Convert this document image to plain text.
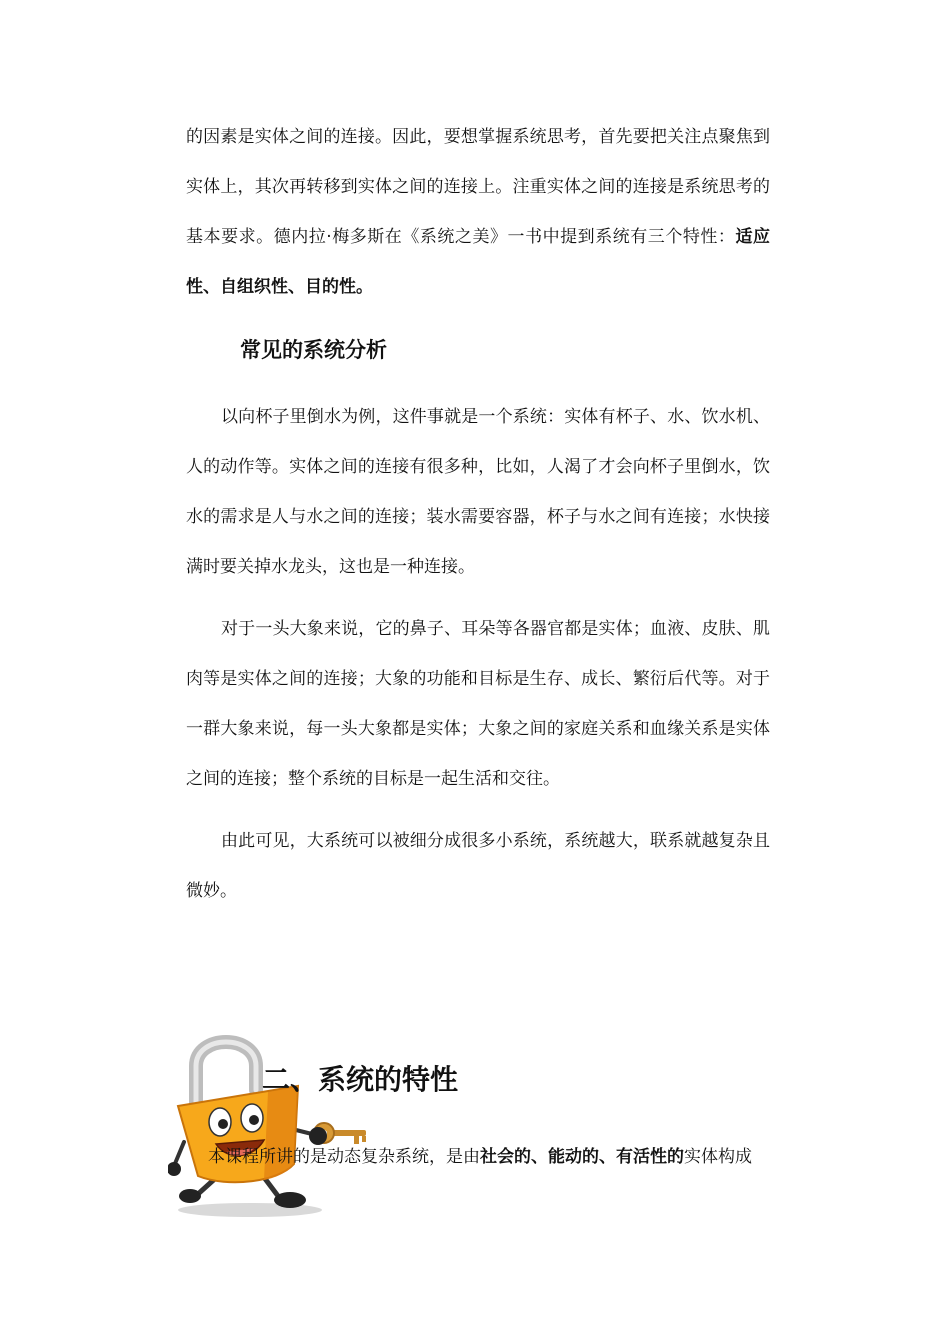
的因素是实体之间的连接。因此，要想掌握系统思考，首先要把关注点聚焦到实体上，其次再转移到实体之间的连接上。注重实体之间的连接是系统思考的基本要求。德内拉·梅多斯在《系统之美》一书中提到系统有三个特性：适应性、自组织性、目的性。

常见的系统分析

以向杯子里倒水为例，这件事就是一个系统：实体有杯子、水、饮水机、人的动作等。实体之间的连接有很多种，比如，人渴了才会向杯子里倒水，饮水的需求是人与水之间的连接；装水需要容器，杯子与水之间有连接；水快接满时要关掉水龙头，这也是一种连接。

对于一头大象来说，它的鼻子、耳朵等各器官都是实体；血液、皮肤、肌肉等是实体之间的连接；大象的功能和目标是生存、成长、繁衍后代等。对于一群大象来说，每一头大象都是实体；大象之间的家庭关系和血缘关系是实体之间的连接；整个系统的目标是一起生活和交往。

由此可见，大系统可以被细分成很多小系统，系统越大，联系就越复杂且微妙。

二、系统的特性

本课程所讲的是动态复杂系统，是由社会的、能动的、有活性的实体构成
